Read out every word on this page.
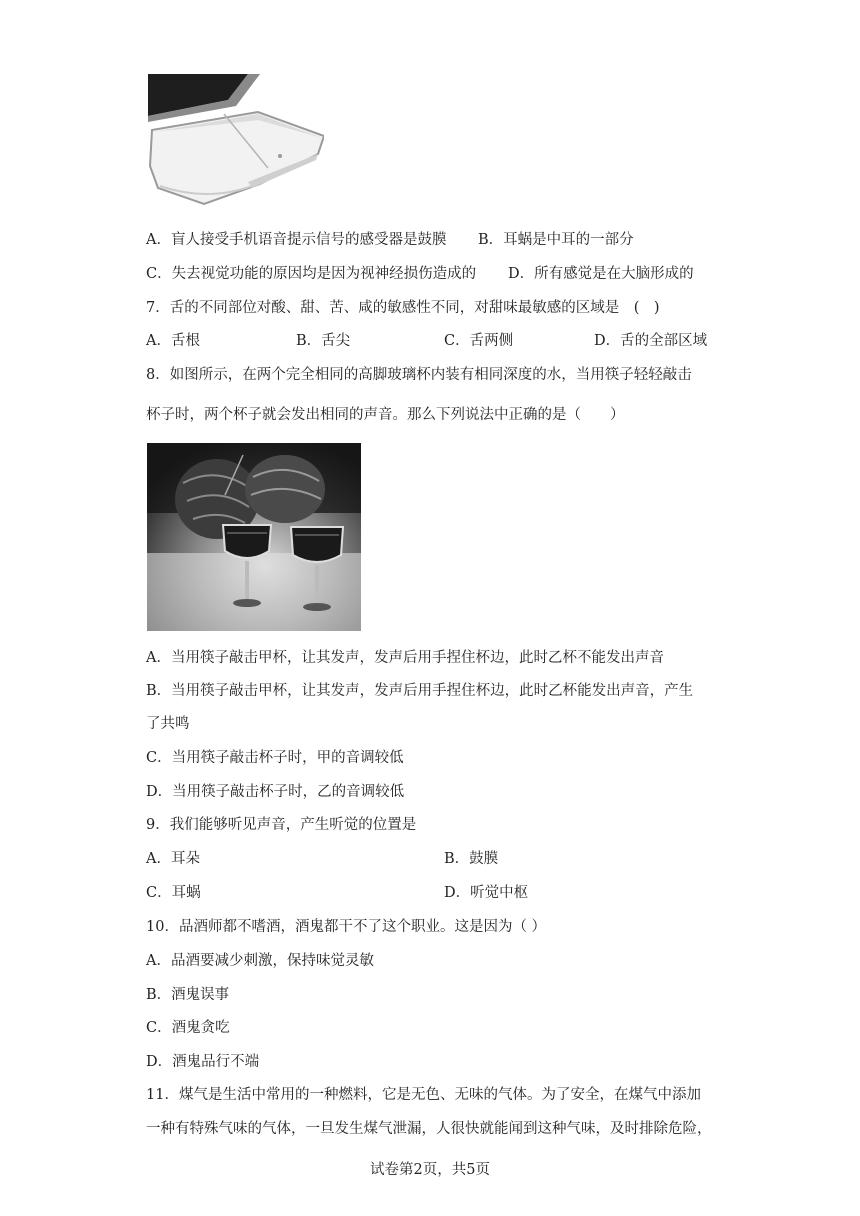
A．盲人接受手机语音提示信号的感受器是鼓膜 B．耳蜗是中耳的一部分
C．失去视觉功能的原因均是因为视神经损伤造成的 D．所有感觉是在大脑形成的
7．舌的不同部位对酸、甜、苦、咸的敏感性不同，对甜味最敏感的区域是　(　)
A．舌根	B．舌尖	C．舌两侧	D．舌的全部区域
8．如图所示，在两个完全相同的高脚玻璃杯内装有相同深度的水，当用筷子轻轻敲击
杯子时，两个杯子就会发出相同的声音。那么下列说法中正确的是（　　）
A．当用筷子敲击甲杯，让其发声，发声后用手捏住杯边，此时乙杯不能发出声音
B．当用筷子敲击甲杯，让其发声，发声后用手捏住杯边，此时乙杯能发出声音，产生
了共鸣
C．当用筷子敲击杯子时，甲的音调较低
D．当用筷子敲击杯子时，乙的音调较低
9．我们能够听见声音，产生听觉的位置是
A．耳朵	B．鼓膜
C．耳蜗	D．听觉中枢
10．品酒师都不嗜酒，酒鬼都干不了这个职业。这是因为（ ）
A．品酒要减少刺激，保持味觉灵敏
B．酒鬼误事
C．酒鬼贪吃
D．酒鬼品行不端
11．煤气是生活中常用的一种燃料，它是无色、无味的气体。为了安全，在煤气中添加
一种有特殊气味的气体，一旦发生煤气泄漏，人很快就能闻到这种气味，及时排除危险，
试卷第2页，共5页
